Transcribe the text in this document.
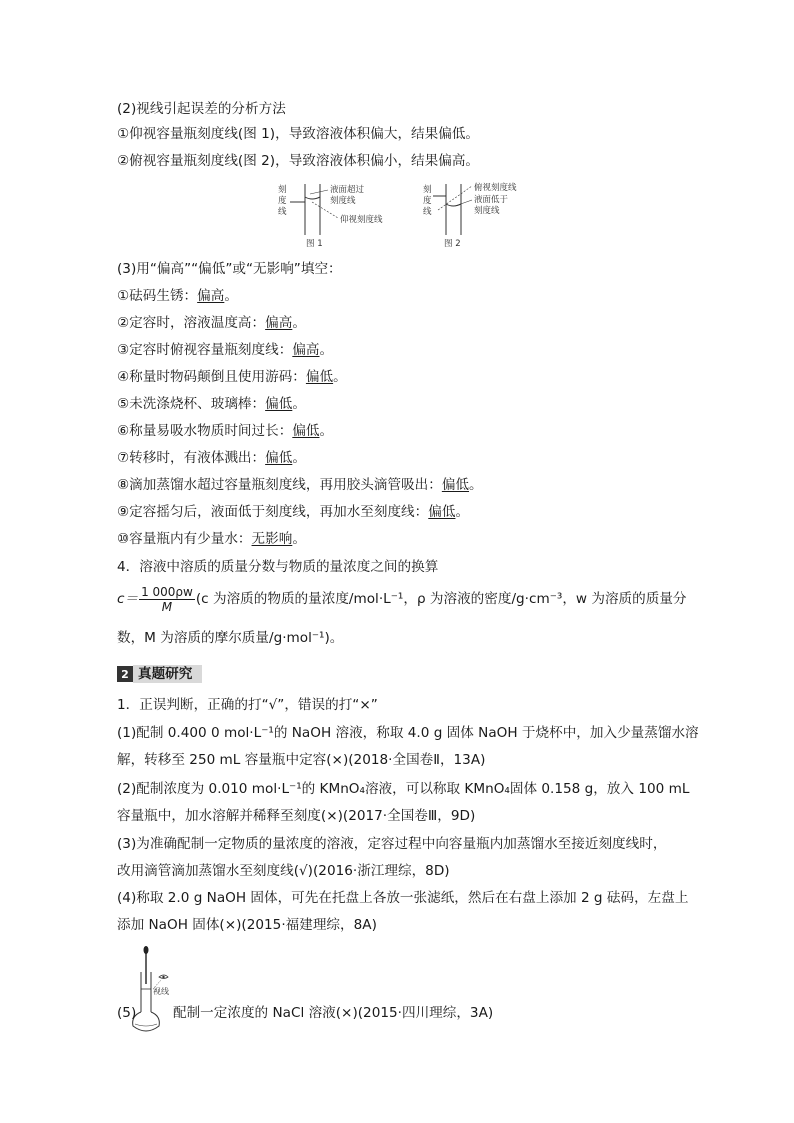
(2)视线引起误差的分析方法
①仰视容量瓶刻度线(图 1)，导致溶液体积偏大，结果偏低。
②俯视容量瓶刻度线(图 2)，导致溶液体积偏小，结果偏高。
刻
度
线
液面超过
刻度线
仰视刻度线
图 1
刻
度
线
俯视刻度线
液面低于
刻度线
图 2
(3)用“偏高”“偏低”或“无影响”填空：
①砝码生锈：偏高。
②定容时，溶液温度高：偏高。
③定容时俯视容量瓶刻度线：偏高。
④称量时物码颠倒且使用游码：偏低。
⑤未洗涤烧杯、玻璃棒：偏低。
⑥称量易吸水物质时间过长：偏低。
⑦转移时，有液体溅出：偏低。
⑧滴加蒸馏水超过容量瓶刻度线，再用胶头滴管吸出：偏低。
⑨定容摇匀后，液面低于刻度线，再加水至刻度线：偏低。
⑩容量瓶内有少量水：无影响。
4．溶液中溶质的质量分数与物质的量浓度之间的换算
$c= \frac{1 000\rho w}{M} (c$ 为溶质的物质的量浓度/mol·L⁻¹，ρ 为溶液的密度/g·cm⁻³，w 为溶质的质量分
数，M 为溶质的摩尔质量/g·mol⁻¹)。
2 真题研究
1．正误判断，正确的打“√”，错误的打“×”
(1)配制 0.400 0 mol·L⁻¹的 NaOH 溶液，称取 4.0 g 固体 NaOH 于烧杯中，加入少量蒸馏水溶
解，转移至 250 mL 容量瓶中定容(×)(2018·全国卷Ⅱ，13A)
(2)配制浓度为 0.010 mol·L⁻¹的 KMnO₄溶液，可以称取 KMnO₄固体 0.158 g，放入 100 mL
容量瓶中，加水溶解并稀释至刻度(×)(2017·全国卷Ⅲ，9D)
(3)为准确配制一定物质的量浓度的溶液，定容过程中向容量瓶内加蒸馏水至接近刻度线时，
改用滴管滴加蒸馏水至刻度线(√)(2016·浙江理综，8D)
(4)称取 2.0 g NaOH 固体，可先在托盘上各放一张滤纸，然后在右盘上添加 2 g 砝码，左盘上
添加 NaOH 固体(×)(2015·福建理综，8A)
视线
(5)	配制一定浓度的 NaCl 溶液(×)(2015·四川理综，3A)
